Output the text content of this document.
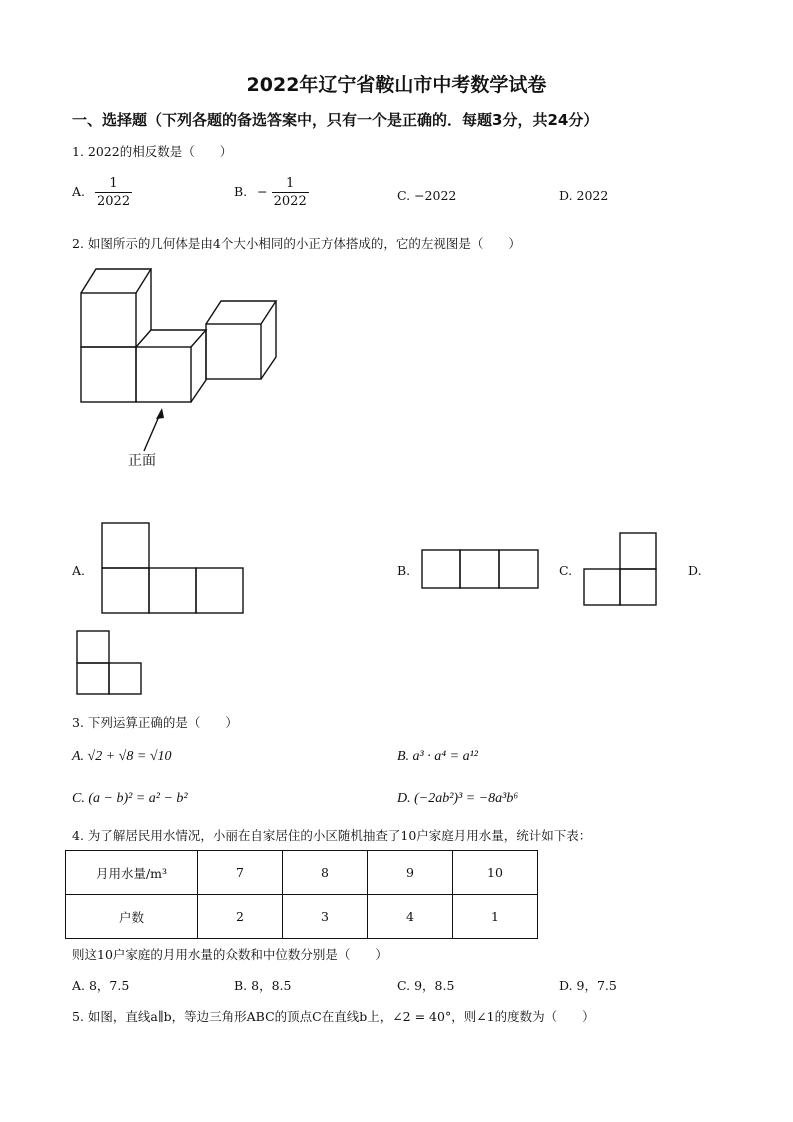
2022年辽宁省鞍山市中考数学试卷
一、选择题（下列各题的备选答案中，只有一个是正确的．每题3分，共24分）
1. 2022的相反数是（　　）
A. $\frac{1}{2022}$	B. − $\frac{1}{2022}$	C. −2022	D. 2022
2. 如图所示的几何体是由4个大小相同的小正方体搭成的，它的左视图是（　　）
正面
A.	B.	C.	D.
3. 下列运算正确的是（　　）
A. √2 + √8 = √10	B. a³ · a⁴ = a¹²
C. (a − b)² = a² − b²	D. (−2ab²)³ = −8a³b⁶
4. 为了解居民用水情况，小丽在自家居住的小区随机抽查了10户家庭月用水量，统计如下表：
月用水量/m³	7	8	9	10
户数	2	3	4	1
则这10户家庭的月用水量的众数和中位数分别是（　　）
A. 8，7.5	B. 8，8.5	C. 9，8.5	D. 9，7.5
5. 如图，直线a∥b，等边三角形ABC的顶点C在直线b上，∠2 = 40°，则∠1的度数为（　　）
